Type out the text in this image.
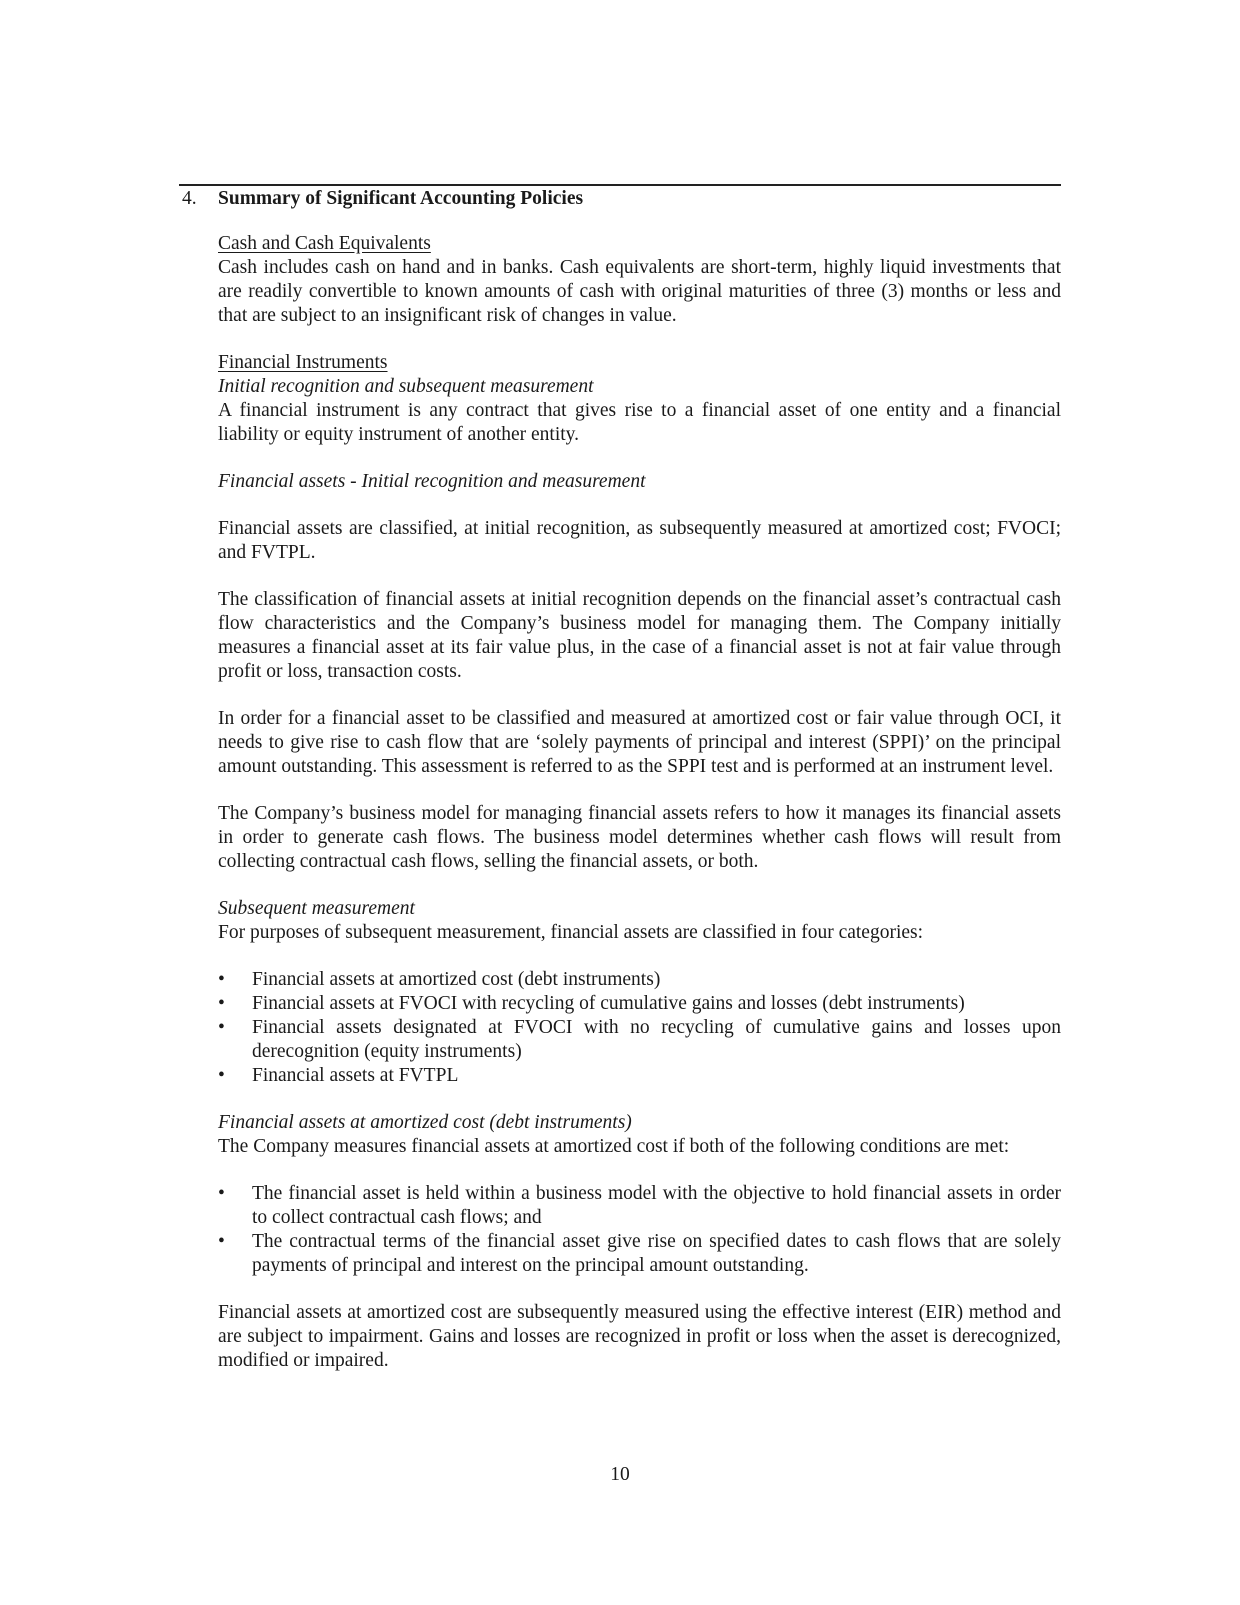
4. Summary of Significant Accounting Policies
Cash and Cash Equivalents

Cash includes cash on hand and in banks. Cash equivalents are short-term, highly liquid investments that are readily convertible to known amounts of cash with original maturities of three (3) months or less and that are subject to an insignificant risk of changes in value.

Financial Instruments
Initial recognition and subsequent measurement

A financial instrument is any contract that gives rise to a financial asset of one entity and a financial liability or equity instrument of another entity.

Financial assets - Initial recognition and measurement

Financial assets are classified, at initial recognition, as subsequently measured at amortized cost; FVOCI; and FVTPL.

The classification of financial assets at initial recognition depends on the financial asset’s contractual cash flow characteristics and the Company’s business model for managing them. The Company initially measures a financial asset at its fair value plus, in the case of a financial asset is not at fair value through profit or loss, transaction costs.

In order for a financial asset to be classified and measured at amortized cost or fair value through OCI, it needs to give rise to cash flow that are ‘solely payments of principal and interest (SPPI)’ on the principal amount outstanding. This assessment is referred to as the SPPI test and is performed at an instrument level.

The Company’s business model for managing financial assets refers to how it manages its financial assets in order to generate cash flows. The business model determines whether cash flows will result from collecting contractual cash flows, selling the financial assets, or both.

Subsequent measurement

For purposes of subsequent measurement, financial assets are classified in four categories:

• Financial assets at amortized cost (debt instruments)
• Financial assets at FVOCI with recycling of cumulative gains and losses (debt instruments)
• Financial assets designated at FVOCI with no recycling of cumulative gains and losses upon derecognition (equity instruments)
• Financial assets at FVTPL
Financial assets at amortized cost (debt instruments)

The Company measures financial assets at amortized cost if both of the following conditions are met:

• The financial asset is held within a business model with the objective to hold financial assets in order to collect contractual cash flows; and
• The contractual terms of the financial asset give rise on specified dates to cash flows that are solely payments of principal and interest on the principal amount outstanding.

Financial assets at amortized cost are subsequently measured using the effective interest (EIR) method and are subject to impairment. Gains and losses are recognized in profit or loss when the asset is derecognized, modified or impaired.

10
